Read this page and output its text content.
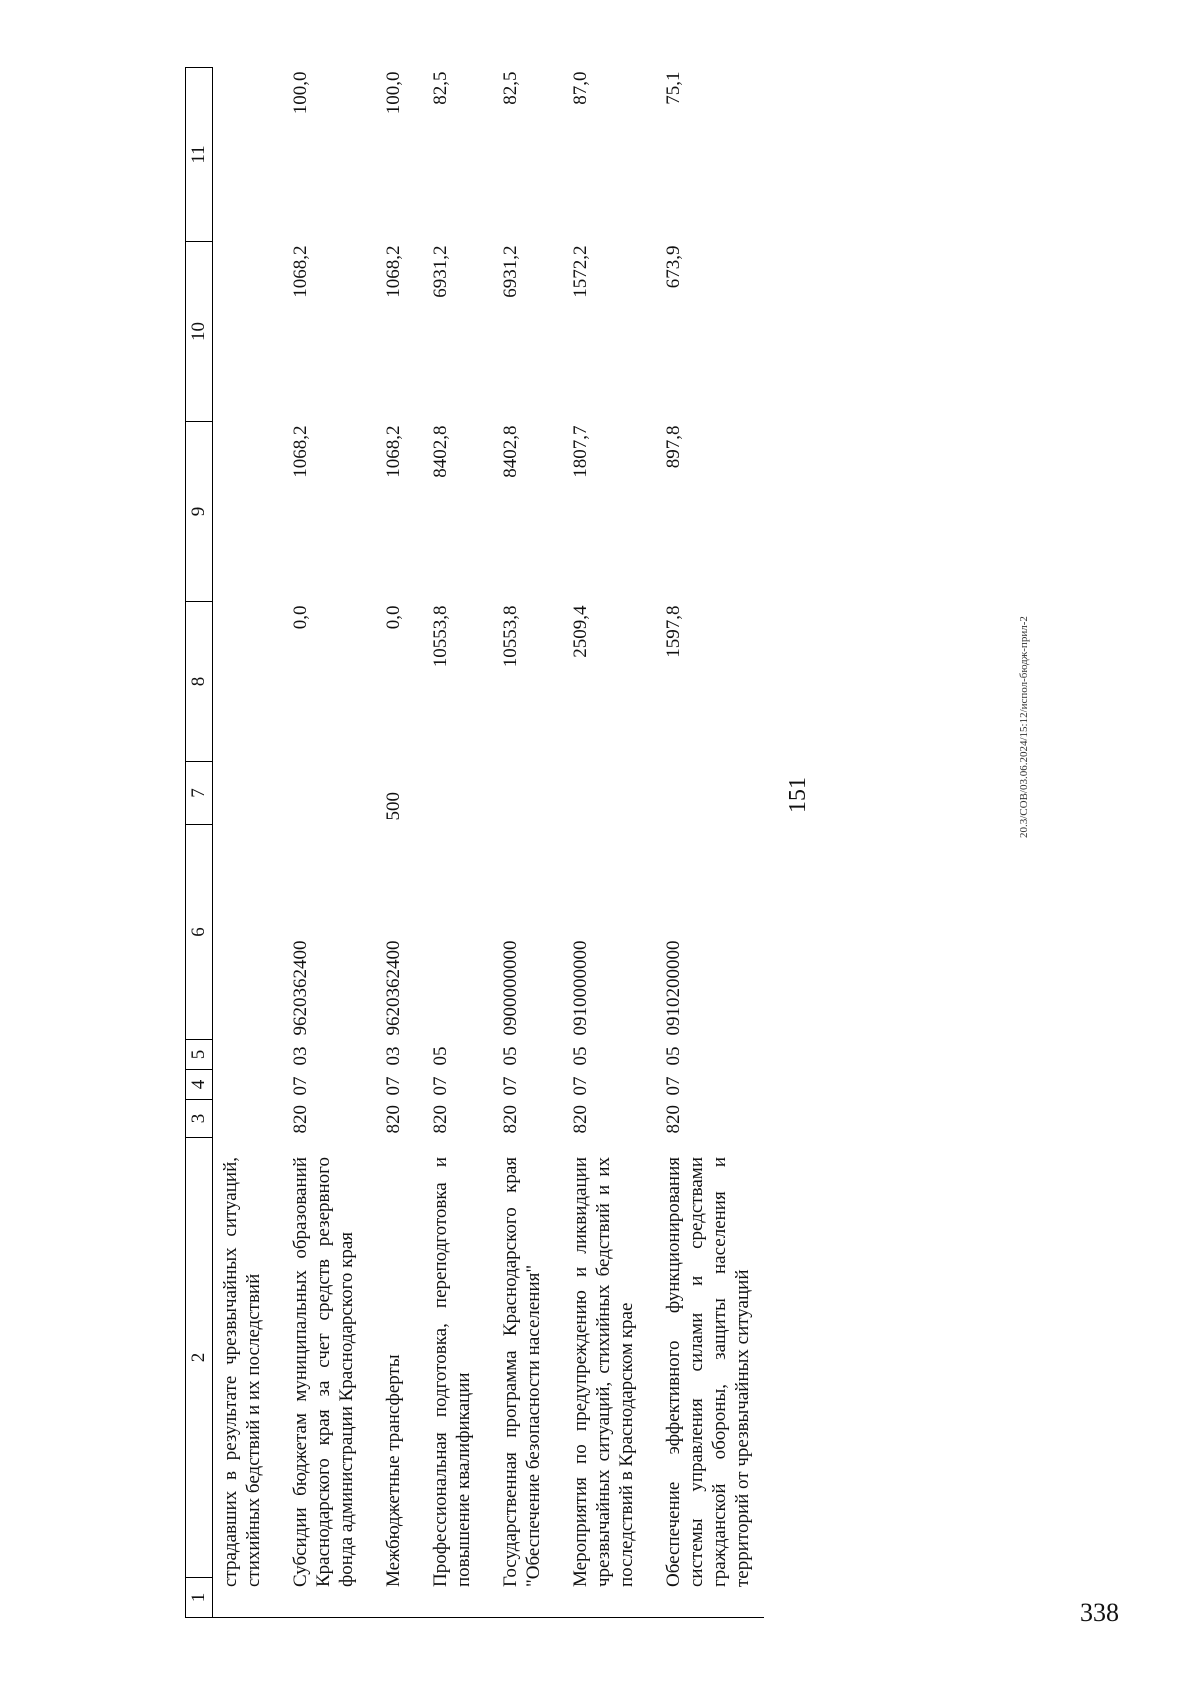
151	20.3/СОВ/03.06.2024/15:12/испол-бюдж-прил-2
1	2	3	4	5	6	7	8	9	10	11

страдавших в результате чрезвычайных ситуаций, стихийных бедствий и их последствий										

Субсидии бюджетам муниципальных образований Краснодарского края за счет средств резервного фонда администрации Краснодарского края		820	07	03	9620362400		0,0	1068,2	1068,2	100,0

Межбюджетные трансферты		820	07	03	9620362400	500	0,0	1068,2	1068,2	100,0

Профессиональная подготовка, переподготовка и повышение квалификации		820	07	05			10553,8	8402,8	6931,2	82,5

Государственная программа Краснодарского края "Обеспечение безопасности населения"		820	07	05	0900000000		10553,8	8402,8	6931,2	82,5

Мероприятия по предупреждению и ликвидации чрезвычайных ситуаций, стихийных бедствий и их последствий в Краснодарском крае		820	07	05	0910000000		2509,4	1807,7	1572,2	87,0

Обеспечение эффективного функционирования системы управления силами и средствами гражданской обороны, защиты населения и территорий от чрезвычайных ситуаций		820	07	05	0910200000		1597,8	897,8	673,9	75,1
338
